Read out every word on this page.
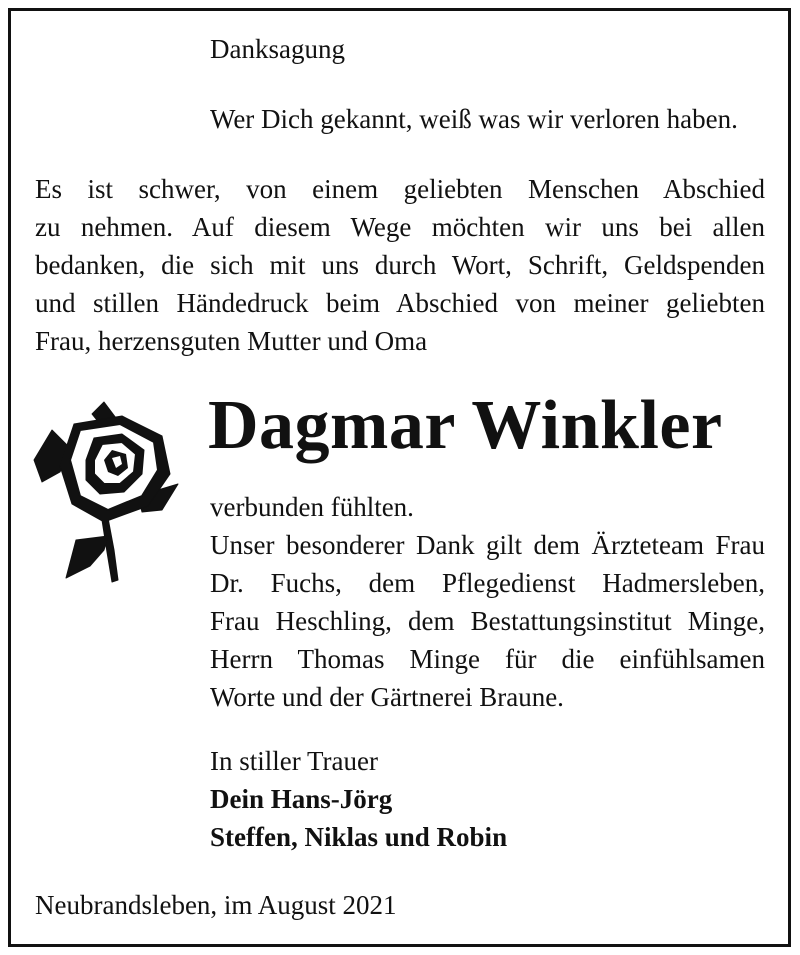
Danksagung
Wer Dich gekannt, weiß was wir verloren haben.
Es ist schwer, von einem geliebten Menschen Abschied
zu nehmen. Auf diesem Wege möchten wir uns bei allen
bedanken, die sich mit uns durch Wort, Schrift, Geldspenden
und stillen Händedruck beim Abschied von meiner geliebten
Frau, herzensguten Mutter und Oma
Dagmar Winkler
verbunden fühlten.
Unser besonderer Dank gilt dem Ärzteteam Frau
Dr. Fuchs, dem Pflegedienst Hadmersleben,
Frau Heschling, dem Bestattungsinstitut Minge,
Herrn Thomas Minge für die einfühlsamen
Worte und der Gärtnerei Braune.
In stiller Trauer
Dein Hans-Jörg
Steffen, Niklas und Robin
Neubrandsleben, im August 2021
